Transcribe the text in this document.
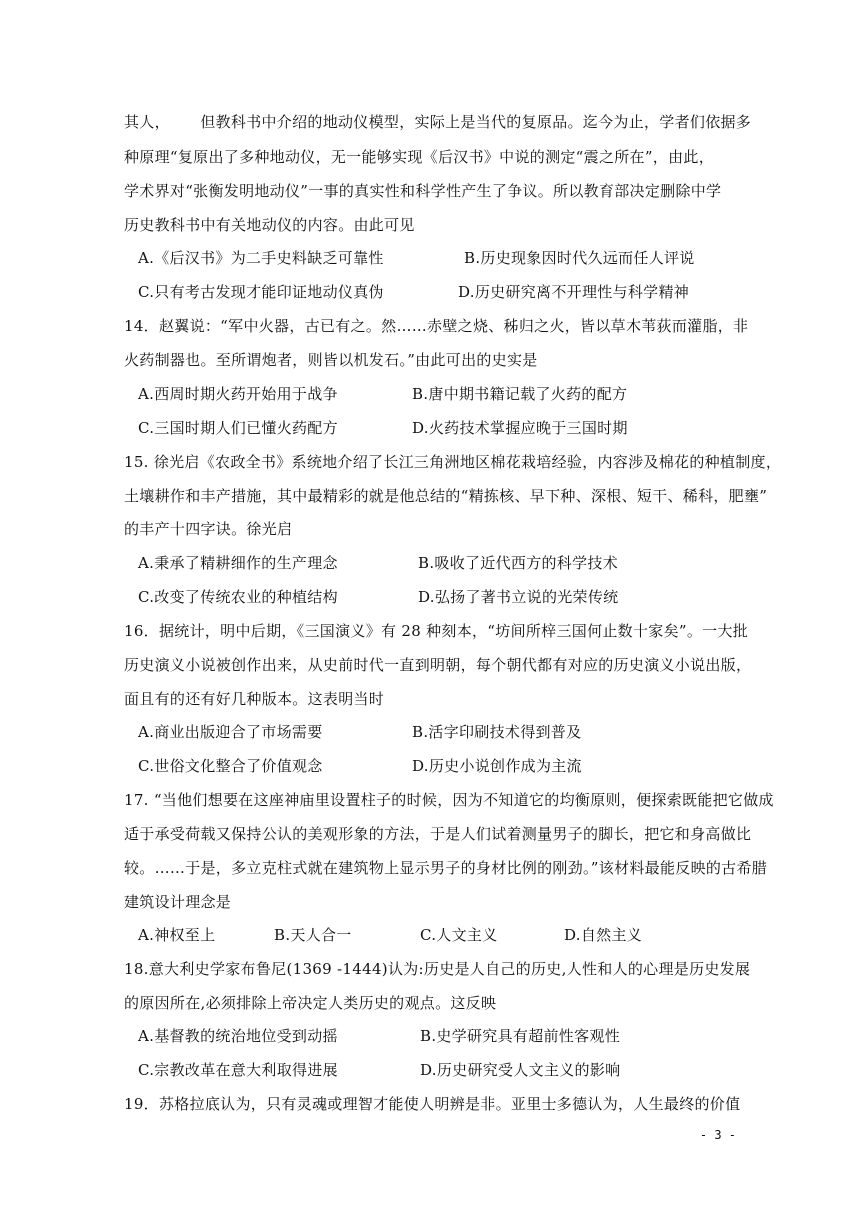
其人，      但教科书中介绍的地动仪模型，实际上是当代的复原品。迄今为止，学者们依据多
种原理“复原出了多种地动仪，无一能够实现《后汉书》中说的测定“震之所在”，由此，
学术界对“张衡发明地动仪”一事的真实性和科学性产生了争议。所以教育部决定删除中学
历史教科书中有关地动仪的内容。由此可见
A.《后汉书》为二手史料缺乏可靠性	B.历史现象因时代久远而任人评说
C.只有考古发现才能印证地动仪真伪	D.历史研究离不开理性与科学精神
14．赵翼说：“军中火器，古已有之。然……赤壁之烧、秭归之火，皆以草木苇荻而灌脂，非
火药制器也。至所谓炮者，则皆以机发石。”由此可出的史实是
A.西周时期火药开始用于战争	B.唐中期书籍记载了火药的配方
C.三国时期人们已懂火药配方	D.火药技术掌握应晚于三国时期
15. 徐光启《农政全书》系统地介绍了长江三角洲地区棉花栽培经验，内容涉及棉花的种植制度，
土壤耕作和丰产措施，其中最精彩的就是他总结的“精拣核、早下种、深根、短干、稀科，肥壅”
的丰产十四字诀。徐光启
A.秉承了精耕细作的生产理念	B.吸收了近代西方的科学技术
C.改变了传统农业的种植结构	D.弘扬了著书立说的光荣传统
16．据统计，明中后期，《三国演义》有 28 种刻本，“坊间所梓三国何止数十家矣”。一大批
历史演义小说被创作出来，从史前时代一直到明朝，每个朝代都有对应的历史演义小说出版，
面且有的还有好几种版本。这表明当时
A.商业出版迎合了市场需要	B.活字印刷技术得到普及
C.世俗文化整合了价值观念	D.历史小说创作成为主流
17. “当他们想要在这座神庙里设置柱子的时候，因为不知道它的均衡原则，便探索既能把它做成
适于承受荷载又保持公认的美观形象的方法，于是人们试着测量男子的脚长，把它和身高做比
较。……于是，多立克柱式就在建筑物上显示男子的身材比例的刚劲。”该材料最能反映的古希腊
建筑设计理念是
A.神权至上	B.天人合一	C.人文主义	D.自然主义
18.意大利史学家布鲁尼(1369 -1444)认为:历史是人自己的历史,人性和人的心理是历史发展
的原因所在,必须排除上帝决定人类历史的观点。这反映
A.基督教的统治地位受到动摇	B.史学研究具有超前性客观性
C.宗教改革在意大利取得进展	D.历史研究受人文主义的影响
19．苏格拉底认为，只有灵魂或理智才能使人明辨是非。亚里士多德认为，人生最终的价值
- 3 -
